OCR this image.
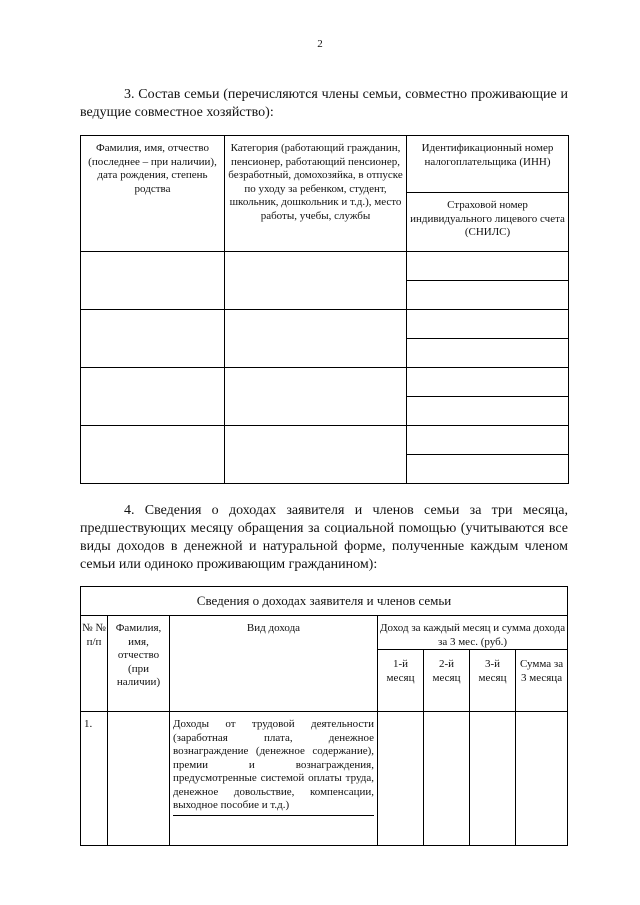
2

3. Состав семьи (перечисляются члены семьи, совместно проживающие и ведущие совместное хозяйство):

Фамилия, имя, отчество (последнее – при наличии), дата рождения, степень родства	Категория (работающий гражданин, пенсионер, работающий пенсионер, безработный, домохозяйка, в отпуске по уходу за ребенком, студент, школьник, дошкольник и т.д.), место работы, учебы, службы	Идентификационный номер налогоплательщика (ИНН)
		Страховой номер индивидуального лицевого счета (СНИЛС)

4. Сведения о доходах заявителя и членов семьи за три месяца, предшествующих месяцу обращения за социальной помощью (учитываются все виды доходов в денежной и натуральной форме, полученные каждым членом семьи или одиноко проживающим гражданином):

Сведения о доходах заявителя и членов семьи						
№ № п/п	Фамилия, имя, отчество (при наличии)	Вид дохода	Доход за каждый месяц и сумма дохода за 3 мес. (руб.)			
			1-й месяц	2-й месяц	3-й месяц	Сумма за 3 месяца
1.		Доходы от трудовой деятельности (заработная плата, денежное вознаграждение (денежное содержание), премии и вознаграждения, предусмотренные системой оплаты труда, денежное довольствие, компенсации, выходное пособие и т.д.)				
